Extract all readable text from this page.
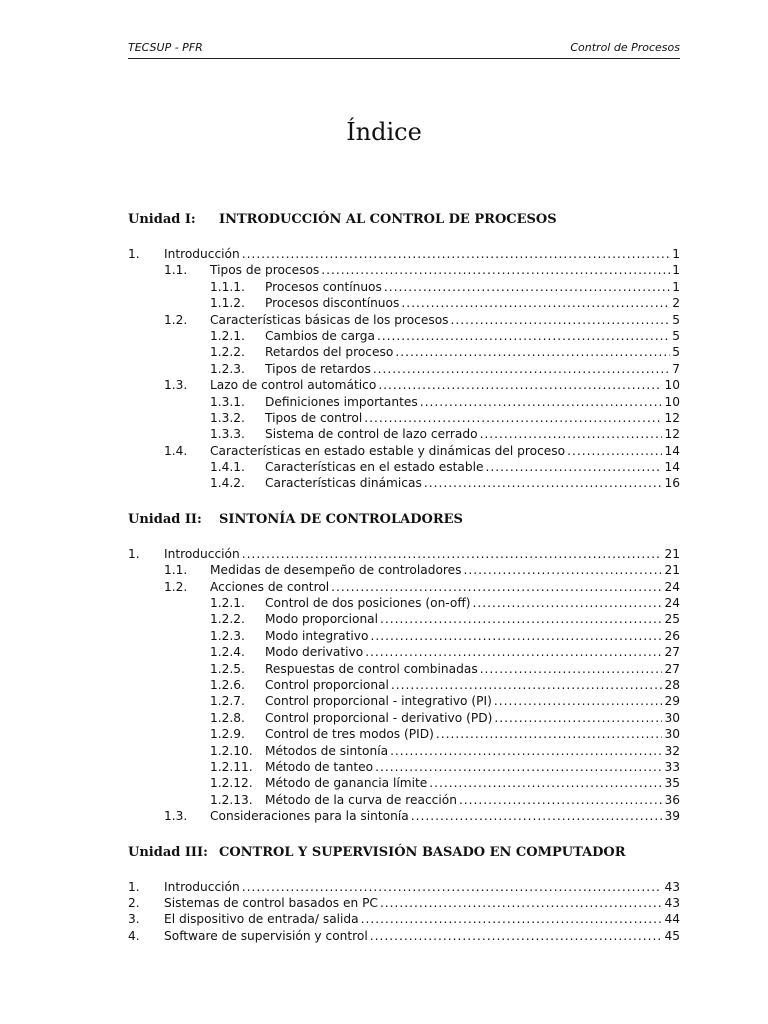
TECSUP - PFR	Control de Procesos
Índice
Unidad I: INTRODUCCIÓN AL CONTROL DE PROCESOS
1. Introducción .....	1
1.1. Tipos de procesos .....	1
1.1.1. Procesos contínuos .....	1
1.1.2. Procesos discontínuos .....	2
1.2. Características básicas de los procesos .....	5
1.2.1. Cambios de carga .....	5
1.2.2. Retardos del proceso .....	5
1.2.3. Tipos de retardos .....	7
1.3. Lazo de control automático .....	10
1.3.1. Definiciones importantes .....	10
1.3.2. Tipos de control .....	12
1.3.3. Sistema de control de lazo cerrado .....	12
1.4. Características en estado estable y dinámicas del proceso .....	14
1.4.1. Características en el estado estable .....	14
1.4.2. Características dinámicas .....	16
Unidad II: SINTONÍA DE CONTROLADORES
1. Introducción .....	21
1.1. Medidas de desempeño de controladores .....	21
1.2. Acciones de control .....	24
1.2.1. Control de dos posiciones (on-off) .....	24
1.2.2. Modo proporcional .....	25
1.2.3. Modo integrativo .....	26
1.2.4. Modo derivativo .....	27
1.2.5. Respuestas de control combinadas .....	27
1.2.6. Control proporcional .....	28
1.2.7. Control proporcional - integrativo (PI) .....	29
1.2.8. Control proporcional - derivativo (PD) .....	30
1.2.9. Control de tres modos (PID) .....	30
1.2.10. Métodos de sintonía .....	32
1.2.11. Método de tanteo .....	33
1.2.12. Método de ganancia límite .....	35
1.2.13. Método de la curva de reacción .....	36
1.3. Consideraciones para la sintonía .....	39
Unidad III: CONTROL Y SUPERVISIÓN BASADO EN COMPUTADOR
1. Introducción .....	43
2. Sistemas de control basados en PC .....	43
3. El dispositivo de entrada/ salida .....	44
4. Software de supervisión y control .....	45
